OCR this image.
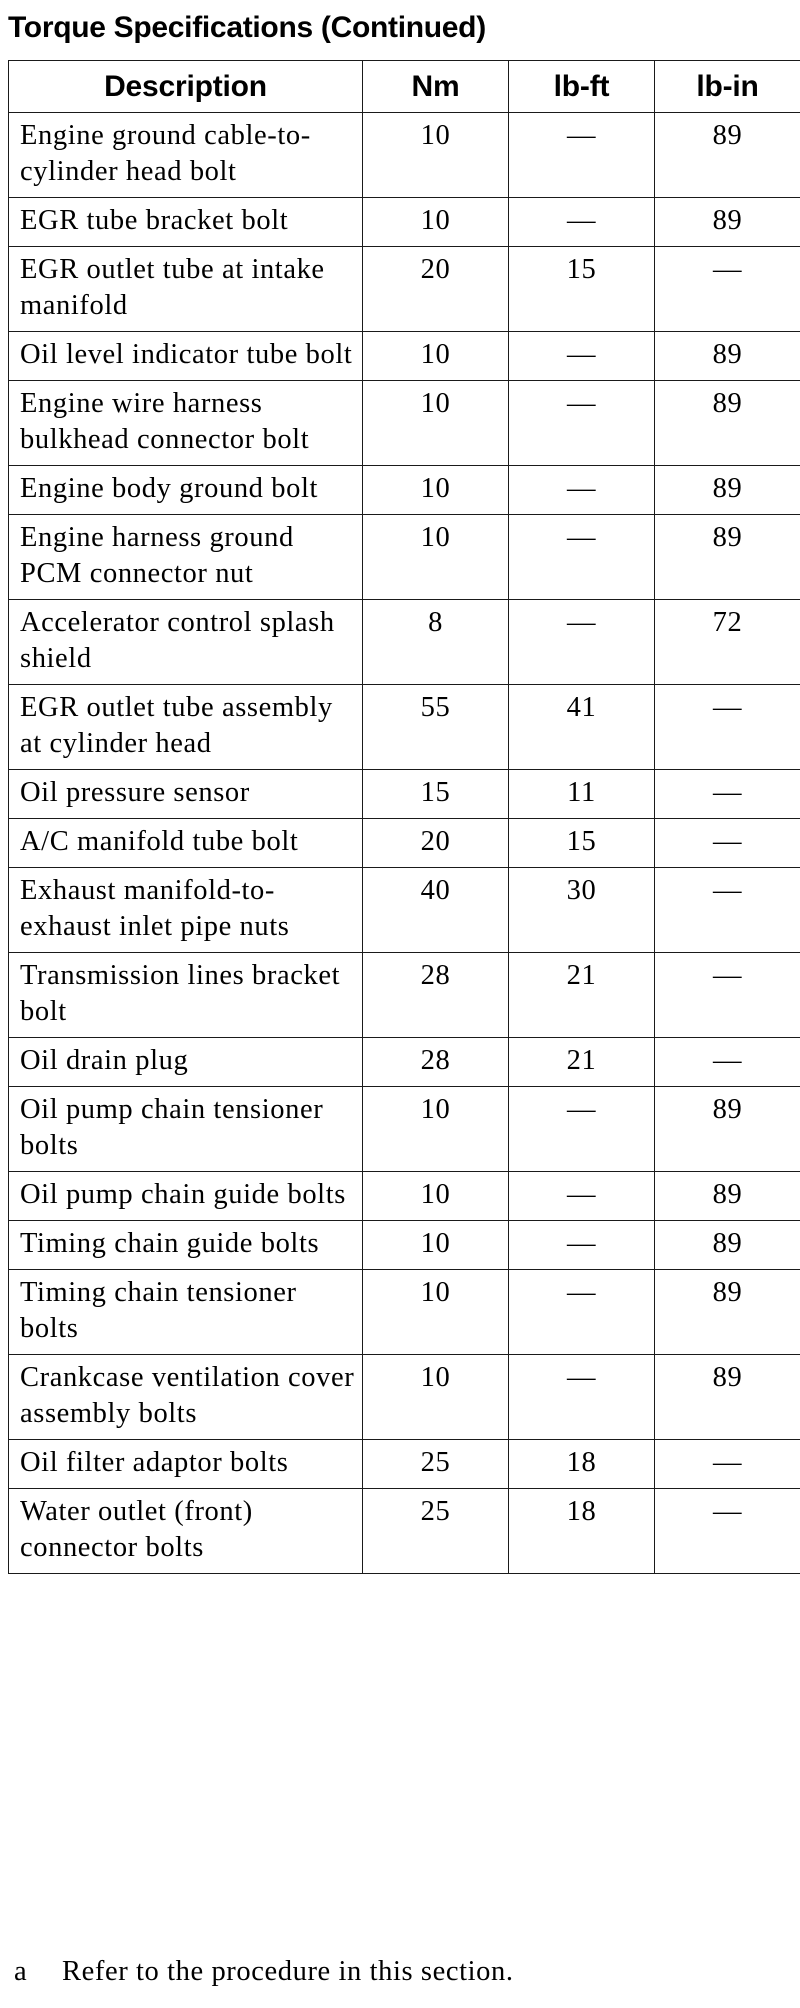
Torque Specifications (Continued)
Description	Nm	lb-ft	lb-in
Engine ground cable-to-cylinder head bolt	10	—	89
EGR tube bracket bolt	10	—	89
EGR outlet tube at intake manifold	20	15	—
Oil level indicator tube bolt	10	—	89
Engine wire harness bulkhead connector bolt	10	—	89
Engine body ground bolt	10	—	89
Engine harness ground PCM connector nut	10	—	89
Accelerator control splash shield	8	—	72
EGR outlet tube assembly at cylinder head	55	41	—
Oil pressure sensor	15	11	—
A/C manifold tube bolt	20	15	—
Exhaust manifold-to-exhaust inlet pipe nuts	40	30	—
Transmission lines bracket bolt	28	21	—
Oil drain plug	28	21	—
Oil pump chain tensioner bolts	10	—	89
Oil pump chain guide bolts	10	—	89
Timing chain guide bolts	10	—	89
Timing chain tensioner bolts	10	—	89
Crankcase ventilation cover assembly bolts	10	—	89
Oil filter adaptor bolts	25	18	—
Water outlet (front) connector bolts	25	18	—
a Refer to the procedure in this section.
